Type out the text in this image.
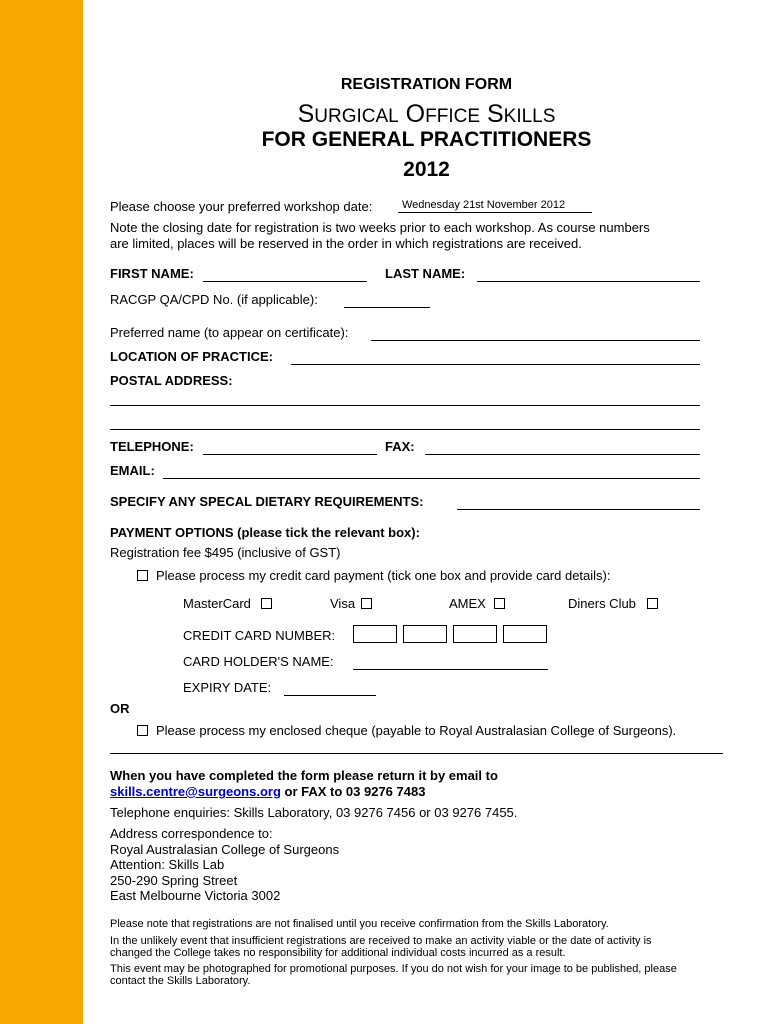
REGISTRATION FORM
SURGICAL OFFICE SKILLS
FOR GENERAL PRACTITIONERS
2012
Please choose your preferred workshop date:	Wednesday 21st November 2012
Note the closing date for registration is two weeks prior to each workshop. As course numbers
are limited, places will be reserved in the order in which registrations are received.
FIRST NAME:	LAST NAME:
RACGP QA/CPD No. (if applicable):
Preferred name (to appear on certificate):
LOCATION OF PRACTICE:
POSTAL ADDRESS:
TELEPHONE:	FAX:
EMAIL:
SPECIFY ANY SPECAL DIETARY REQUIREMENTS:
PAYMENT OPTIONS (please tick the relevant box):
Registration fee $495 (inclusive of GST)
Please process my credit card payment (tick one box and provide card details):
MasterCard	Visa	AMEX	Diners Club
CREDIT CARD NUMBER:
CARD HOLDER'S NAME:
EXPIRY DATE:
OR
Please process my enclosed cheque (payable to Royal Australasian College of Surgeons).
When you have completed the form please return it by email to
skills.centre@surgeons.org or FAX to 03 9276 7483
Telephone enquiries: Skills Laboratory, 03 9276 7456 or 03 9276 7455.
Address correspondence to:
Royal Australasian College of Surgeons
Attention: Skills Lab
250-290 Spring Street
East Melbourne Victoria 3002
Please note that registrations are not finalised until you receive confirmation from the Skills Laboratory.
In the unlikely event that insufficient registrations are received to make an activity viable or the date of activity is
changed the College takes no responsibility for additional individual costs incurred as a result.
This event may be photographed for promotional purposes. If you do not wish for your image to be published, please
contact the Skills Laboratory.
